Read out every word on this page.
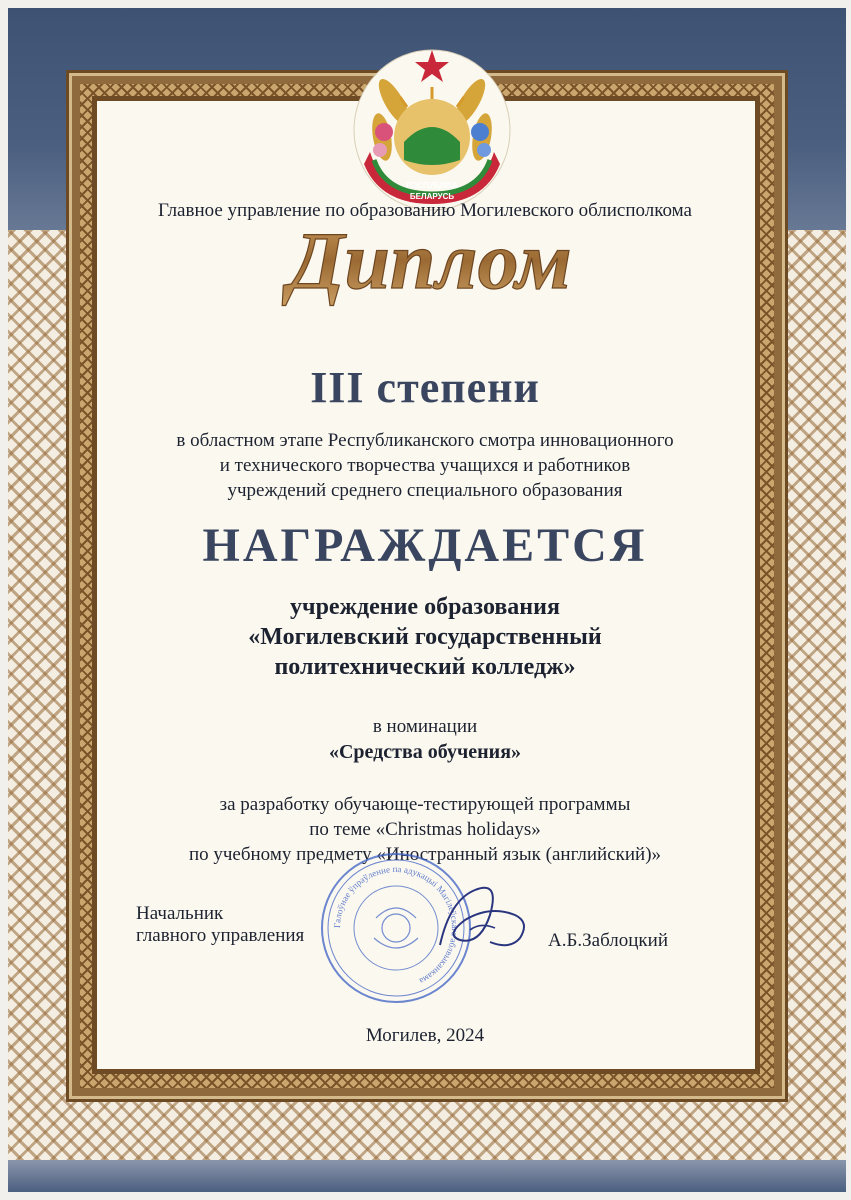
РЭСПУБЛІКА
БЕЛАРУСЬ
Главное управление по образованию Могилевского облисполкома
Диплом
III степени
в областном этапе Республиканского смотра инновационного
и технического творчества учащихся и работников
учреждений среднего специального образования
НАГРАЖДАЕТСЯ
учреждение образования
«Могилевский государственный
политехнический колледж»
в номинации
«Средства обучения»
за разработку обучающе-тестирующей программы
по теме «Christmas holidays»
по учебному предмету «Иностранный язык (английский)»
Галоўнае ўпраўленне па адукацыі Магілёўскага аблвыканкама
Начальник
главного управления	А.Б.Заблоцкий
Могилев, 2024
